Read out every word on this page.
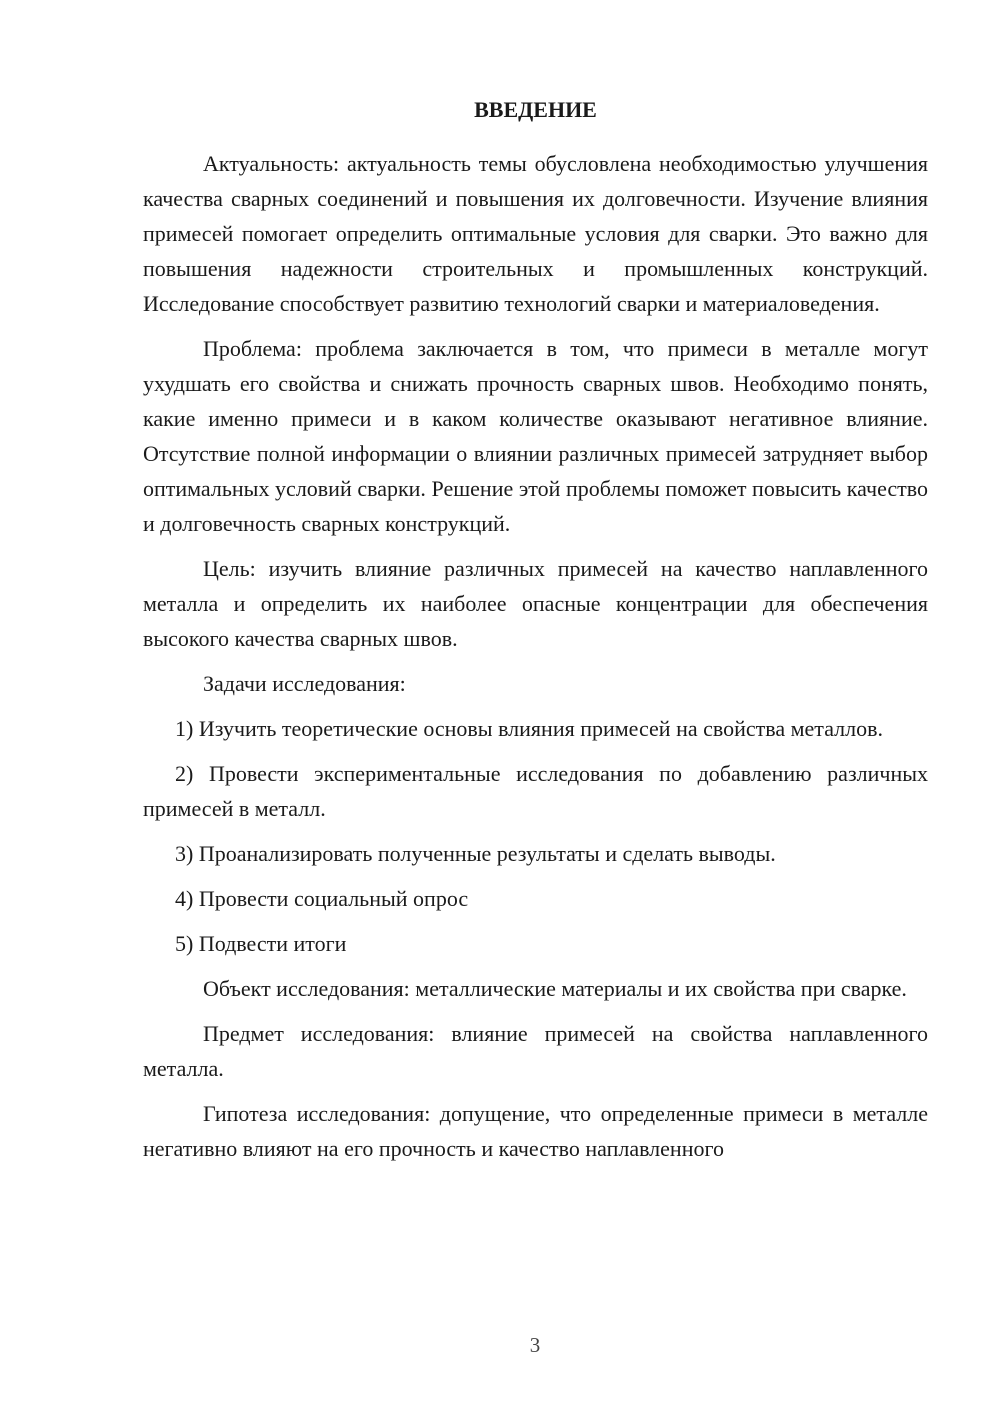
ВВЕДЕНИЕ

Актуальность: актуальность темы обусловлена необходимостью улучшения качества сварных соединений и повышения их долговечности. Изучение влияния примесей помогает определить оптимальные условия для сварки. Это важно для повышения надежности строительных и промышленных конструкций. Исследование способствует развитию технологий сварки и материаловедения.

Проблема: проблема заключается в том, что примеси в металле могут ухудшать его свойства и снижать прочность сварных швов. Необходимо понять, какие именно примеси и в каком количестве оказывают негативное влияние. Отсутствие полной информации о влиянии различных примесей затрудняет выбор оптимальных условий сварки. Решение этой проблемы поможет повысить качество и долговечность сварных конструкций.

Цель: изучить влияние различных примесей на качество наплавленного металла и определить их наиболее опасные концентрации для обеспечения высокого качества сварных швов.

Задачи исследования:

1) Изучить теоретические основы влияния примесей на свойства металлов.

2) Провести экспериментальные исследования по добавлению различных примесей в металл.

3) Проанализировать полученные результаты и сделать выводы.

4) Провести социальный опрос

5) Подвести итоги

Объект исследования: металлические материалы и их свойства при сварке.

Предмет исследования: влияние примесей на свойства наплавленного металла.

Гипотеза исследования: допущение, что определенные примеси в металле негативно влияют на его прочность и качество наплавленного

3
